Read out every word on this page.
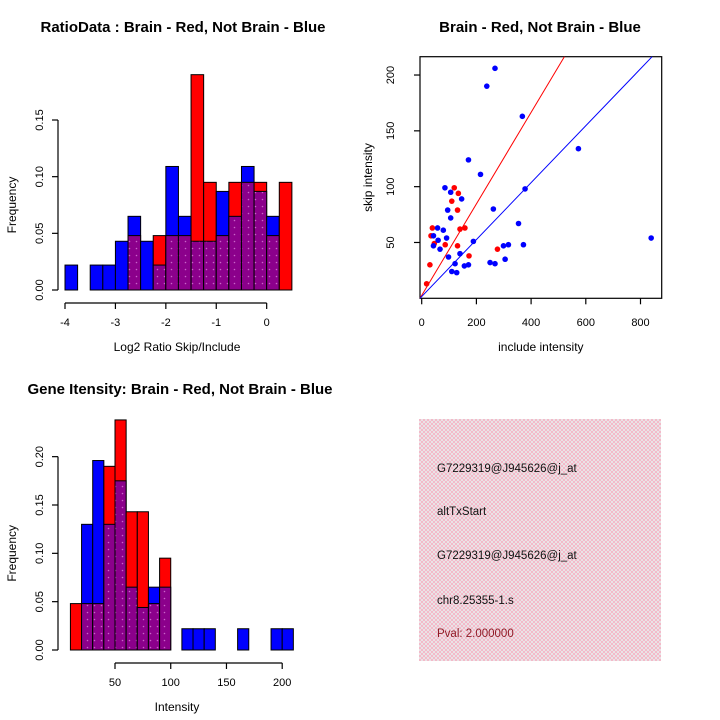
0.00
0.05
0.10
0.15
Frequency
-4	-3	-2	-1	0
Log2 Ratio Skip/Include
0	200	400	600	800
include intensity
50
100
150
200
skip intensity
0.00
0.05
0.10
0.15
0.20
Frequency
50	100	150	200
Intensity
RatioData : Brain - Red, Not Brain - Blue	Brain - Red, Not Brain - Blue
Gene Itensity: Brain - Red, Not Brain - Blue
G7229319@J945626@j_at
altTxStart
G7229319@J945626@j_at
chr8.25355-1.s
Pval: 2.000000
